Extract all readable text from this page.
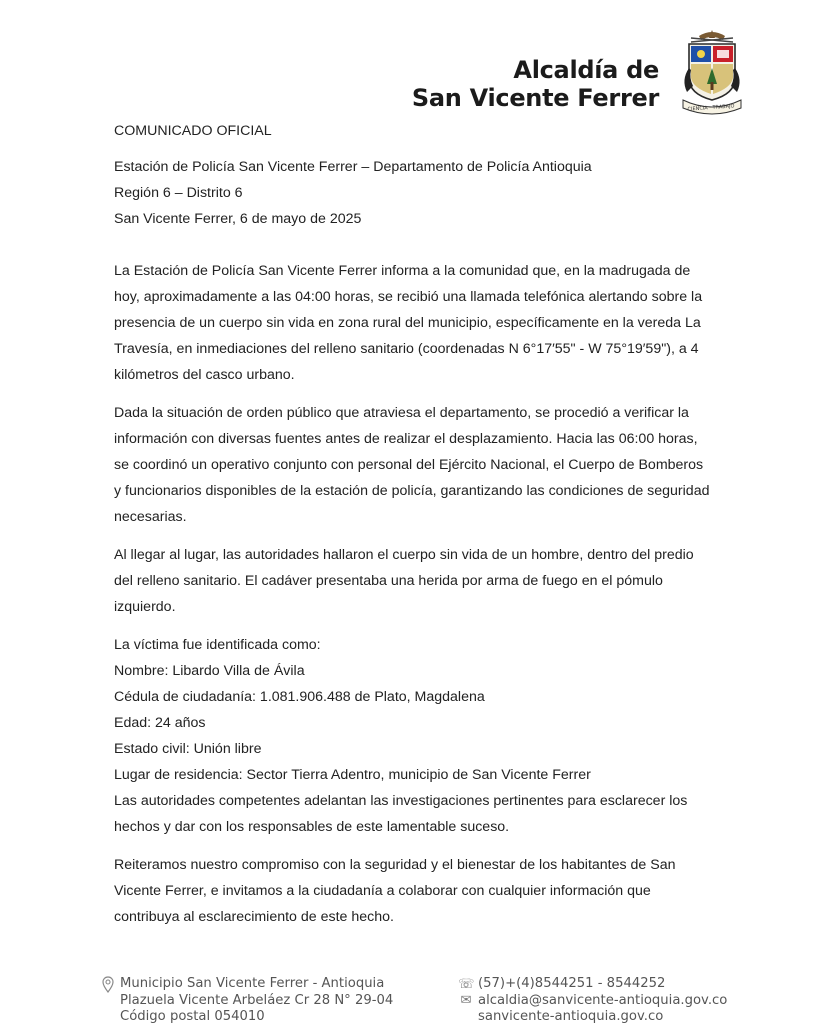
Alcaldía de
San Vicente Ferrer	CIENCIA · TRABAJO
COMUNICADO OFICIAL
Estación de Policía San Vicente Ferrer – Departamento de Policía Antioquia
Región 6 – Distrito 6
San Vicente Ferrer, 6 de mayo de 2025

La Estación de Policía San Vicente Ferrer informa a la comunidad que, en la madrugada de hoy, aproximadamente a las 04:00 horas, se recibió una llamada telefónica alertando sobre la presencia de un cuerpo sin vida en zona rural del municipio, específicamente en la vereda La Travesía, en inmediaciones del relleno sanitario (coordenadas N 6°17′55" - W 75°19′59"), a 4 kilómetros del casco urbano.

Dada la situación de orden público que atraviesa el departamento, se procedió a verificar la información con diversas fuentes antes de realizar el desplazamiento. Hacia las 06:00 horas, se coordinó un operativo conjunto con personal del Ejército Nacional, el Cuerpo de Bomberos y funcionarios disponibles de la estación de policía, garantizando las condiciones de seguridad necesarias.

Al llegar al lugar, las autoridades hallaron el cuerpo sin vida de un hombre, dentro del predio del relleno sanitario. El cadáver presentaba una herida por arma de fuego en el pómulo izquierdo.

La víctima fue identificada como:
Nombre: Libardo Villa de Ávila
Cédula de ciudadanía: 1.081.906.488 de Plato, Magdalena
Edad: 24 años
Estado civil: Unión libre
Lugar de residencia: Sector Tierra Adentro, municipio de San Vicente Ferrer

Las autoridades competentes adelantan las investigaciones pertinentes para esclarecer los hechos y dar con los responsables de este lamentable suceso.

Reiteramos nuestro compromiso con la seguridad y el bienestar de los habitantes de San Vicente Ferrer, e invitamos a la ciudadanía a colaborar con cualquier información que contribuya al esclarecimiento de este hecho.

Municipio San Vicente Ferrer - Antioquia
Plazuela Vicente Arbeláez Cr 28 N° 29-04
Código postal 054010
☏ (57)+(4)8544251 - 8544252
✉ alcaldia@sanvicente-antioquia.gov.co
sanvicente-antioquia.gov.co
